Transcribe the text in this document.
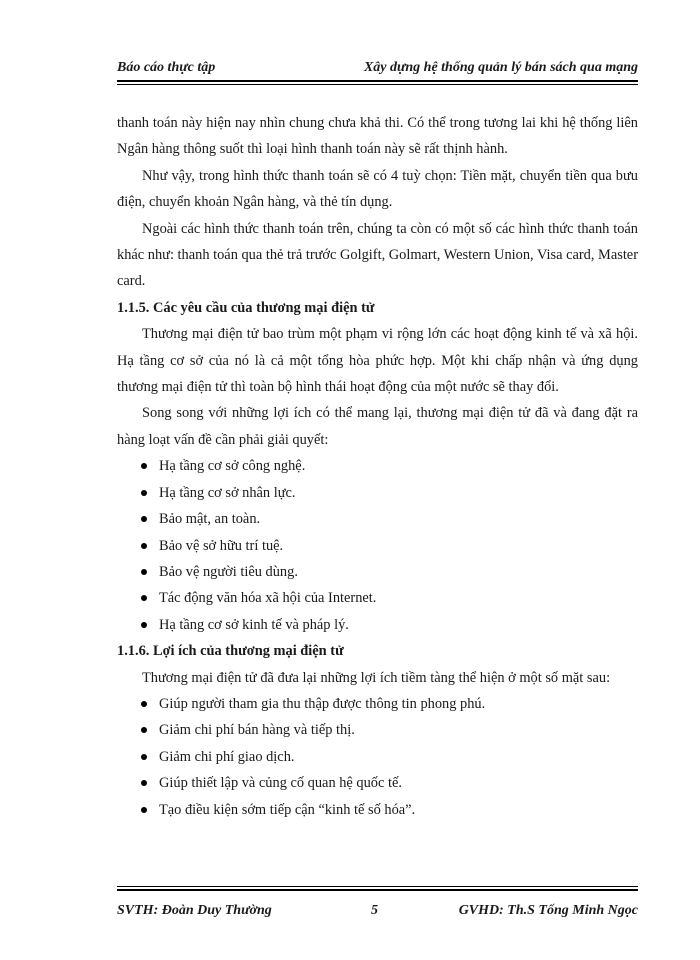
Báo cáo thực tập	Xây dựng hệ thống quản lý bán sách qua mạng

thanh toán này hiện nay nhìn chung chưa khả thi. Có thể trong tương lai khi hệ thống liên Ngân hàng thông suốt thì loại hình thanh toán này sẽ rất thịnh hành.

Như vậy, trong hình thức thanh toán sẽ có 4 tuỳ chọn: Tiền mặt, chuyển tiền qua bưu điện, chuyển khoản Ngân hàng, và thẻ tín dụng.

Ngoài các hình thức thanh toán trên, chúng ta còn có một số các hình thức thanh toán khác như: thanh toán qua thẻ trả trước Golgift, Golmart, Western Union, Visa card, Master card.

1.1.5. Các yêu cầu của thương mại điện tử

Thương mại điện tử bao trùm một phạm vi rộng lớn các hoạt động kinh tế và xã hội. Hạ tầng cơ sở của nó là cả một tổng hòa phức hợp. Một khi chấp nhận và ứng dụng thương mại điện tử thì toàn bộ hình thái hoạt động của một nước sẽ thay đổi.

Song song với những lợi ích có thể mang lại, thương mại điện tử đã và đang đặt ra hàng loạt vấn đề cần phải giải quyết:

Hạ tầng cơ sở công nghệ.
Hạ tầng cơ sở nhân lực.
Bảo mật, an toàn.
Bảo vệ sở hữu trí tuệ.
Bảo vệ người tiêu dùng.
Tác động văn hóa xã hội của Internet.
Hạ tầng cơ sở kinh tế và pháp lý.
1.1.6. Lợi ích của thương mại điện tử

Thương mại điện tử đã đưa lại những lợi ích tiềm tàng thể hiện ở một số mặt sau:

Giúp người tham gia thu thập được thông tin phong phú.
Giảm chi phí bán hàng và tiếp thị.
Giảm chi phí giao dịch.
Giúp thiết lập và củng cố quan hệ quốc tế.
Tạo điều kiện sớm tiếp cận “kinh tế số hóa”.
SVTH: Đoàn Duy Thường	5	GVHD: Th.S Tống Minh Ngọc
